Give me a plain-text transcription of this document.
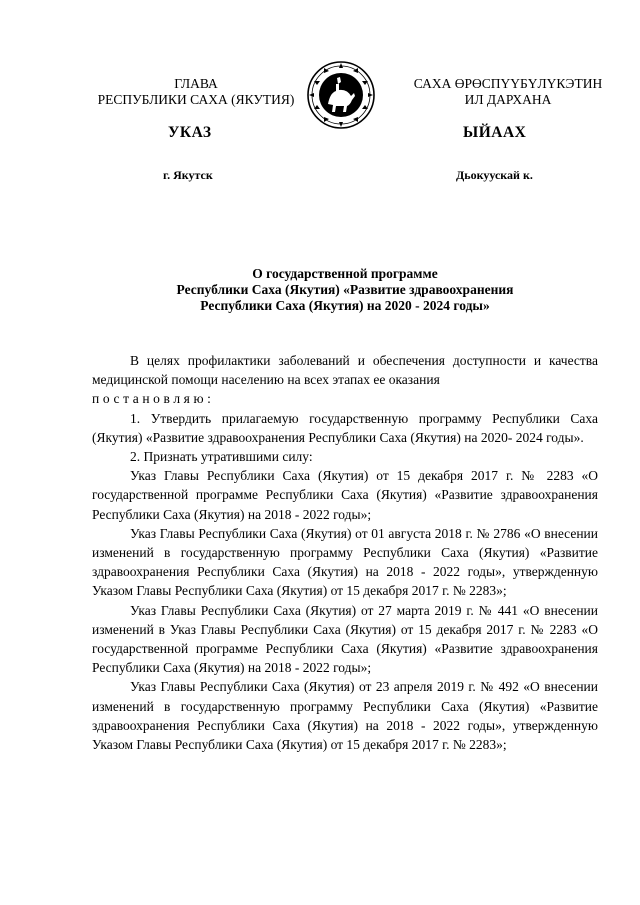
ГЛАВА
РЕСПУБЛИКИ САХА (ЯКУТИЯ)
САХА ӨРӨСПҮҮБҮЛҮКЭТИН
ИЛ ДАРХАНА
УКАЗ	ЫЙААХ
г. Якутск	Дьокуускай к.
О государственной программе
Республики Саха (Якутия) «Развитие здравоохранения
Республики Саха (Якутия) на 2020 - 2024 годы»

В целях профилактики заболеваний и обеспечения доступности и качества медицинской помощи населению на всех этапах ее оказания
постановляю:

1. Утвердить прилагаемую государственную программу Республики Саха (Якутия) «Развитие здравоохранения Республики Саха (Якутия) на 2020- 2024 годы».

2. Признать утратившими силу:

Указ Главы Республики Саха (Якутия) от 15 декабря 2017 г. № 2283 «О государственной программе Республики Саха (Якутия) «Развитие здравоохранения Республики Саха (Якутия) на 2018 - 2022 годы»;

Указ Главы Республики Саха (Якутия) от 01 августа 2018 г. № 2786 «О внесении изменений в государственную программу Республики Саха (Якутия) «Развитие здравоохранения Республики Саха (Якутия) на 2018 - 2022 годы», утвержденную Указом Главы Республики Саха (Якутия) от 15 декабря 2017 г. № 2283»;

Указ Главы Республики Саха (Якутия) от 27 марта 2019 г. № 441 «О внесении изменений в Указ Главы Республики Саха (Якутия) от 15 декабря 2017 г. № 2283 «О государственной программе Республики Саха (Якутия) «Развитие здравоохранения Республики Саха (Якутия) на 2018 - 2022 годы»;

Указ Главы Республики Саха (Якутия) от 23 апреля 2019 г. № 492 «О внесении изменений в государственную программу Республики Саха (Якутия) «Развитие здравоохранения Республики Саха (Якутия) на 2018 - 2022 годы», утвержденную Указом Главы Республики Саха (Якутия) от 15 декабря 2017 г. № 2283»;
